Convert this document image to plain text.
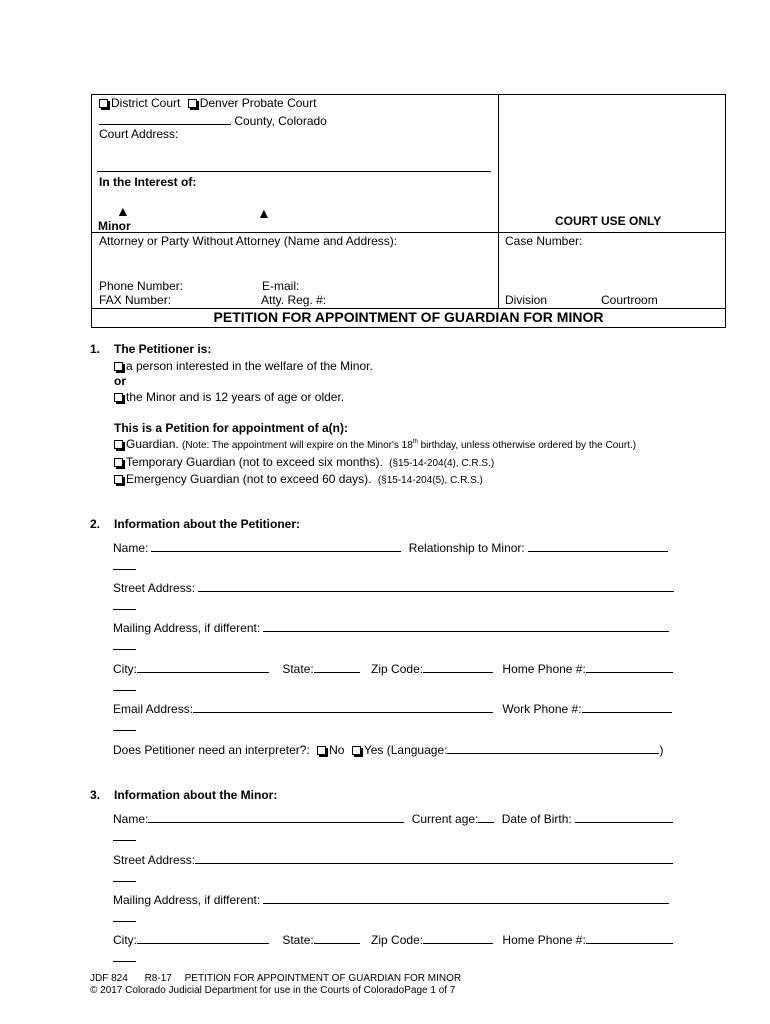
District Court Denver Probate Court
County, Colorado
Court Address:
In the Interest of:
▲	▲
Minor	COURT USE ONLY
Attorney or Party Without Attorney (Name and Address):	Case Number:
Phone Number:	E-mail:
FAX Number:	Atty. Reg. #:	Division	Courtroom
PETITION FOR APPOINTMENT OF GUARDIAN FOR MINOR
1. The Petitioner is:
a person interested in the welfare of the Minor.
or
the Minor and is 12 years of age or older.
This is a Petition for appointment of a(n):
Guardian. (Note: The appointment will expire on the Minor's 18th birthday, unless otherwise ordered by the Court.)
Temporary Guardian (not to exceed six months). (§15-14-204(4), C.R.S.)
Emergency Guardian (not to exceed 60 days). (§15-14-204(5), C.R.S.)
2. Information about the Petitioner:
Name:	Relationship to Minor:
Street Address:
Mailing Address, if different:
City:	State:	Zip Code:	Home Phone #:
Email Address:	Work Phone #:
Does Petitioner need an interpreter?: No Yes (Language:	)
3. Information about the Minor:
Name:	Current age: Date of Birth:
Street Address:
Mailing Address, if different:
City:	State:	Zip Code:	Home Phone #:
JDF 824 R8-17 PETITION FOR APPOINTMENT OF GUARDIAN FOR MINOR
© 2017 Colorado Judicial Department for use in the Courts of ColoradoPage 1 of 7
